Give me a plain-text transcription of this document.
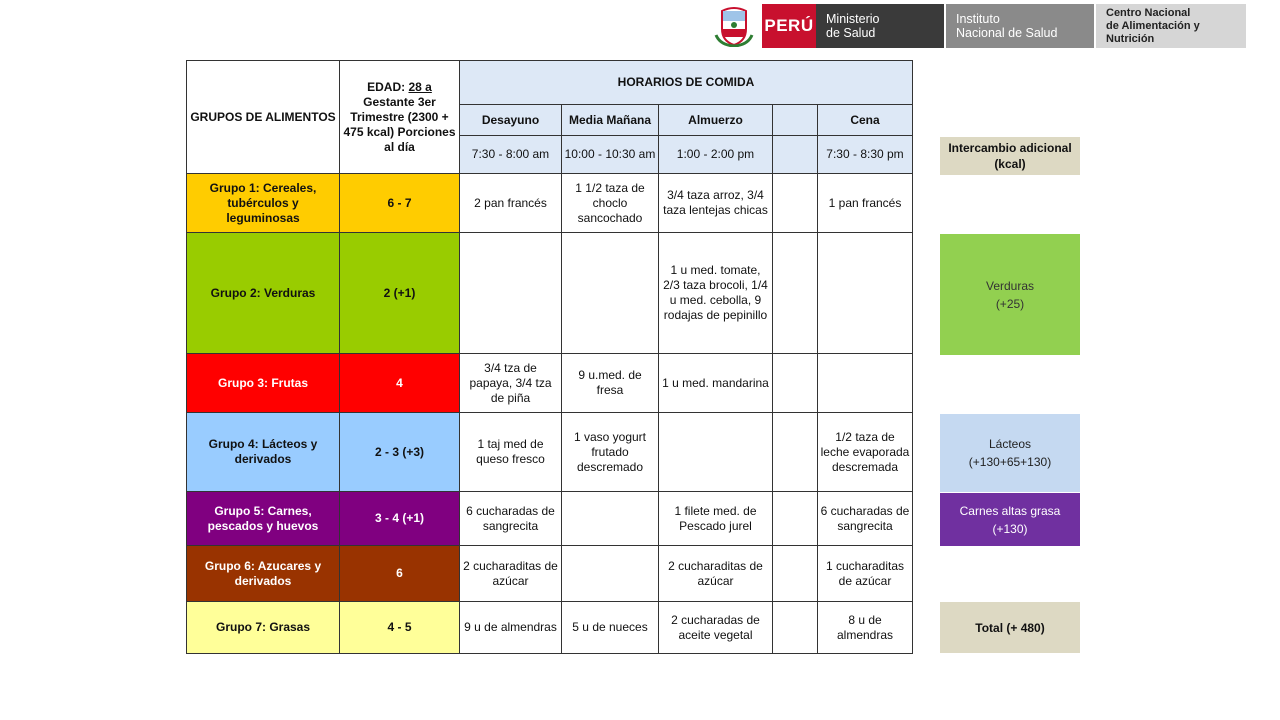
PERÚ Ministerio
de Salud
Instituto
Nacional de Salud
Centro Nacional
de Alimentación y Nutrición
GRUPOS DE ALIMENTOS	EDAD: 28 a Gestante 3er Trimestre (2300 + 475 kcal) Porciones al día	HORARIOS DE COMIDA				
		Desayuno	Media Mañana	Almuerzo		Cena
		7:30 - 8:00 am	10:00 - 10:30 am	1:00 - 2:00 pm		7:30 - 8:30 pm
Grupo 1: Cereales, tubérculos y leguminosas	6 - 7	2 pan francés	1 1/2 taza de choclo sancochado	3/4 taza arroz, 3/4 taza lentejas chicas		1 pan francés
Grupo 2: Verduras	2 (+1)			1 u med. tomate, 2/3 taza brocoli, 1/4 u med. cebolla, 9 rodajas de pepinillo		
Grupo 3: Frutas	4	3/4 tza de papaya, 3/4 tza de piña	9 u.med. de fresa	1 u med. mandarina		
Grupo 4: Lácteos y derivados	2 - 3 (+3)	1 taj med de queso fresco	1 vaso yogurt frutado descremado			1/2 taza de leche evaporada descremada
Grupo 5: Carnes, pescados y huevos	3 - 4 (+1)	6 cucharadas de sangrecita		1 filete med. de Pescado jurel		6 cucharadas de sangrecita
Grupo 6: Azucares y derivados	6	2 cucharaditas de azúcar		2 cucharaditas de azúcar		1 cucharaditas de azúcar
Grupo 7: Grasas	4 - 5	9 u de almendras	5 u de nueces	2 cucharadas de aceite vegetal		8 u de almendras
Intercambio adicional (kcal)
Verduras
(+25)
Lácteos
(+130+65+130)
Carnes altas grasa
(+130)
Total (+ 480)
